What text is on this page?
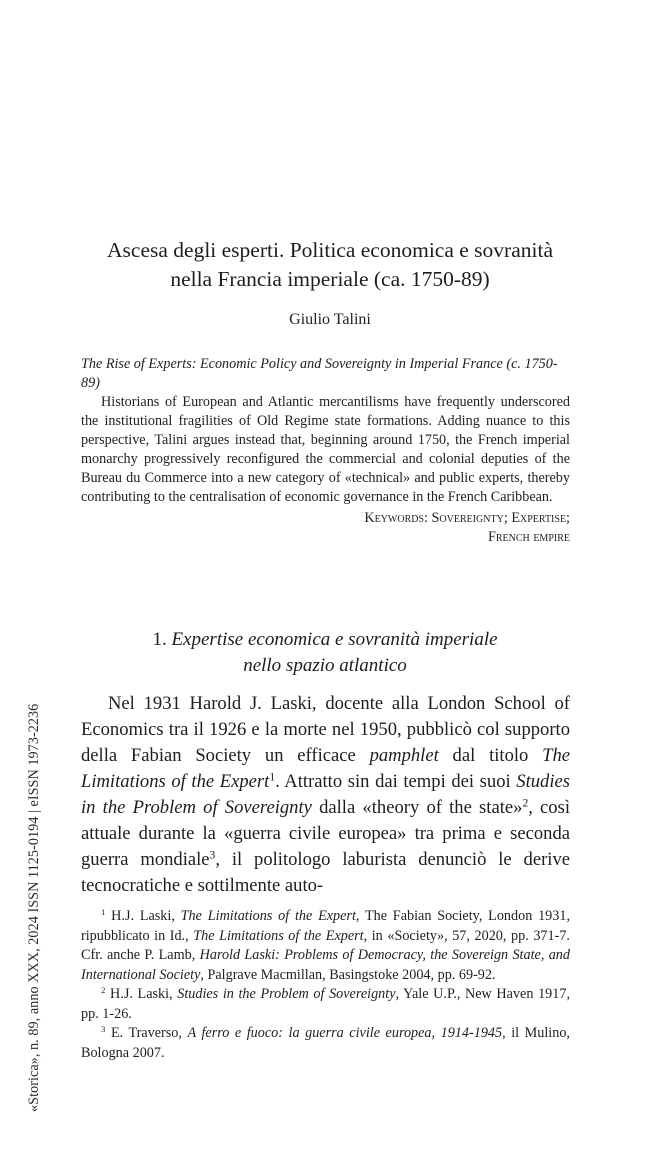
«Storica», n. 89, anno XXX, 2024 ISSN 1125-0194 | eISSN 1973-2236
Ascesa degli esperti. Politica economica e sovranità
nella Francia imperiale (ca. 1750-89)
Giulio Talini

The Rise of Experts: Economic Policy and Sovereignty in Imperial France (c. 1750-89)

Historians of European and Atlantic mercantilisms have frequently underscored the institutional fragilities of Old Regime state formations. Adding nuance to this perspective, Talini argues instead that, beginning around 1750, the French imperial monarchy progressively reconfigured the commercial and colonial deputies of the Bureau du Commerce into a new category of «technical» and public experts, thereby contributing to the centralisation of economic governance in the French Caribbean.

Keywords: Sovereignty; Expertise;
French empire
1. Expertise economica e sovranità imperiale
nello spazio atlantico

Nel 1931 Harold J. Laski, docente alla London School of Economics tra il 1926 e la morte nel 1950, pubblicò col supporto della Fabian Society un efficace pamphlet dal titolo The Limitations of the Expert$^1$. Attratto sin dai tempi dei suoi Studies in the Problem of Sovereignty dalla «theory of the state»$^2$, così attuale durante la «guerra civile europea» tra prima e seconda guerra mondiale$^3$, il politologo laburista denunciò le derive tecnocratiche e sottilmente auto-

$^1$ H.J. Laski, The Limitations of the Expert, The Fabian Society, London 1931, ripubblicato in Id., The Limitations of the Expert, in «Society», 57, 2020, pp. 371-7. Cfr. anche P. Lamb, Harold Laski: Problems of Democracy, the Sovereign State, and International Society, Palgrave Macmillan, Basingstoke 2004, pp. 69-92.

$^2$ H.J. Laski, Studies in the Problem of Sovereignty, Yale U.P., New Haven 1917, pp. 1-26.

$^3$ E. Traverso, A ferro e fuoco: la guerra civile europea, 1914-1945, il Mulino, Bologna 2007.
